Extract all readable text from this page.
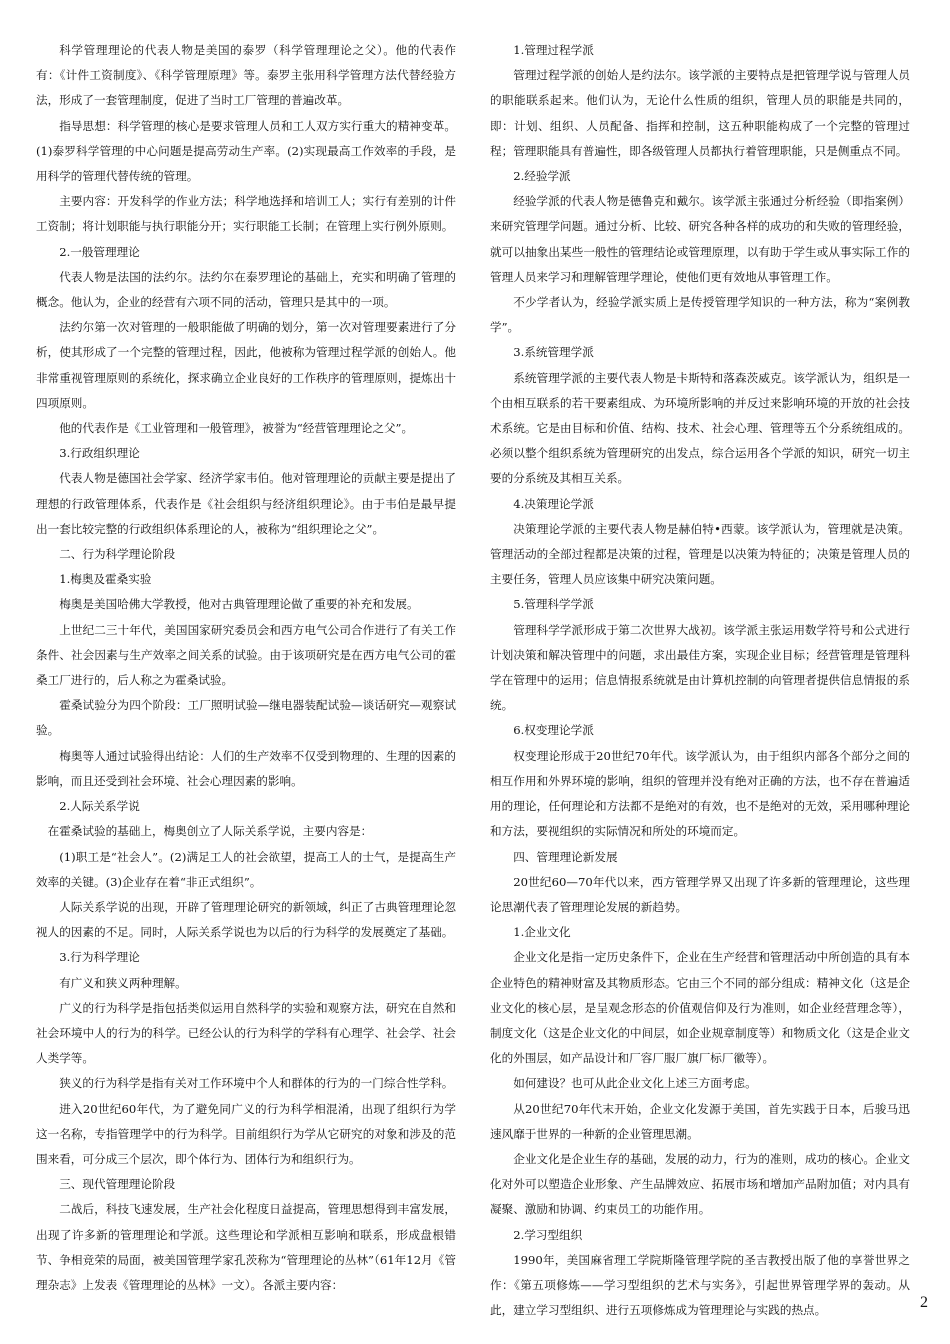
科学管理理论的代表人物是美国的泰罗（科学管理理论之父）。他的代表作有：《计件工资制度》、《科学管理原理》等。泰罗主张用科学管理方法代替经验方法，形成了一套管理制度，促进了当时工厂管理的普遍改革。

指导思想：科学管理的核心是要求管理人员和工人双方实行重大的精神变革。(1)泰罗科学管理的中心问题是提高劳动生产率。(2)实现最高工作效率的手段，是用科学的管理代替传统的管理。

主要内容：开发科学的作业方法；科学地选择和培训工人；实行有差别的计件工资制；将计划职能与执行职能分开；实行职能工长制；在管理上实行例外原则。

2.一般管理理论

代表人物是法国的法约尔。法约尔在泰罗理论的基础上，充实和明确了管理的概念。他认为，企业的经营有六项不同的活动，管理只是其中的一项。

法约尔第一次对管理的一般职能做了明确的划分，第一次对管理要素进行了分析，使其形成了一个完整的管理过程，因此，他被称为管理过程学派的创始人。他非常重视管理原则的系统化，探求确立企业良好的工作秩序的管理原则，提炼出十四项原则。

他的代表作是《工业管理和一般管理》，被誉为“经营管理理论之父”。

3.行政组织理论

代表人物是德国社会学家、经济学家韦伯。他对管理理论的贡献主要是提出了理想的行政管理体系，代表作是《社会组织与经济组织理论》。由于韦伯是最早提出一套比较完整的行政组织体系理论的人，被称为“组织理论之父”。

二、行为科学理论阶段

1.梅奥及霍桑实验

梅奥是美国哈佛大学教授，他对古典管理理论做了重要的补充和发展。

上世纪二三十年代，美国国家研究委员会和西方电气公司合作进行了有关工作条件、社会因素与生产效率之间关系的试验。由于该项研究是在西方电气公司的霍桑工厂进行的，后人称之为霍桑试验。

霍桑试验分为四个阶段：工厂照明试验—继电器装配试验—谈话研究—观察试验。

梅奥等人通过试验得出结论：人们的生产效率不仅受到物理的、生理的因素的影响，而且还受到社会环境、社会心理因素的影响。

2.人际关系学说

在霍桑试验的基础上，梅奥创立了人际关系学说，主要内容是：

(1)职工是“社会人”。(2)满足工人的社会欲望，提高工人的士气，是提高生产效率的关键。(3)企业存在着“非正式组织”。

人际关系学说的出现，开辟了管理理论研究的新领域，纠正了古典管理理论忽视人的因素的不足。同时，人际关系学说也为以后的行为科学的发展奠定了基础。

3.行为科学理论

有广义和狭义两种理解。

广义的行为科学是指包括类似运用自然科学的实验和观察方法，研究在自然和社会环境中人的行为的科学。已经公认的行为科学的学科有心理学、社会学、社会人类学等。

狭义的行为科学是指有关对工作环境中个人和群体的行为的一门综合性学科。

进入20世纪60年代，为了避免同广义的行为科学相混淆，出现了组织行为学这一名称，专指管理学中的行为科学。目前组织行为学从它研究的对象和涉及的范围来看，可分成三个层次，即个体行为、团体行为和组织行为。

三、现代管理理论阶段

二战后，科技飞速发展，生产社会化程度日益提高，管理思想得到丰富发展，出现了许多新的管理理论和学派。这些理论和学派相互影响和联系，形成盘根错节、争相竞荣的局面，被美国管理学家孔茨称为“管理理论的丛林”（61年12月《管理杂志》上发表《管理理论的丛林》一文）。各派主要内容：

1.管理过程学派

管理过程学派的创始人是约法尔。该学派的主要特点是把管理学说与管理人员的职能联系起来。他们认为，无论什么性质的组织，管理人员的职能是共同的，即：计划、组织、人员配备、指挥和控制，这五种职能构成了一个完整的管理过程；管理职能具有普遍性，即各级管理人员都执行着管理职能，只是侧重点不同。

2.经验学派

经验学派的代表人物是德鲁克和戴尔。该学派主张通过分析经验（即指案例）来研究管理学问题。通过分析、比较、研究各种各样的成功的和失败的管理经验，就可以抽象出某些一般性的管理结论或管理原理，以有助于学生或从事实际工作的管理人员来学习和理解管理学理论，使他们更有效地从事管理工作。

不少学者认为，经验学派实质上是传授管理学知识的一种方法，称为“案例教学”。

3.系统管理学派

系统管理学派的主要代表人物是卡斯特和落森茨威克。该学派认为，组织是一个由相互联系的若干要素组成、为环境所影响的并反过来影响环境的开放的社会技术系统。它是由目标和价值、结构、技术、社会心理、管理等五个分系统组成的。必须以整个组织系统为管理研究的出发点，综合运用各个学派的知识，研究一切主要的分系统及其相互关系。

4.决策理论学派

决策理论学派的主要代表人物是赫伯特•西蒙。该学派认为，管理就是决策。管理活动的全部过程都是决策的过程，管理是以决策为特征的；决策是管理人员的主要任务，管理人员应该集中研究决策问题。

5.管理科学学派

管理科学学派形成于第二次世界大战初。该学派主张运用数学符号和公式进行计划决策和解决管理中的问题，求出最佳方案，实现企业目标；经营管理是管理科学在管理中的运用；信息情报系统就是由计算机控制的向管理者提供信息情报的系统。

6.权变理论学派

权变理论形成于20世纪70年代。该学派认为，由于组织内部各个部分之间的相互作用和外界环境的影响，组织的管理并没有绝对正确的方法，也不存在普遍适用的理论，任何理论和方法都不是绝对的有效，也不是绝对的无效，采用哪种理论和方法，要视组织的实际情况和所处的环境而定。

四、管理理论新发展

20世纪60—70年代以来，西方管理学界又出现了许多新的管理理论，这些理论思潮代表了管理理论发展的新趋势。

1.企业文化

企业文化是指一定历史条件下，企业在生产经营和管理活动中所创造的具有本企业特色的精神财富及其物质形态。它由三个不同的部分组成：精神文化（这是企业文化的核心层，是呈观念形态的价值观信仰及行为准则，如企业经营理念等），制度文化（这是企业文化的中间层，如企业规章制度等）和物质文化（这是企业文化的外围层，如产品设计和厂容厂服厂旗厂标厂徽等）。

如何建设？也可从此企业文化上述三方面考虑。

从20世纪70年代末开始，企业文化发源于美国，首先实践于日本，后骏马迅速风靡于世界的一种新的企业管理思潮。

企业文化是企业生存的基础，发展的动力，行为的准则，成功的核心。企业文化对外可以塑造企业形象、产生品牌效应、拓展市场和增加产品附加值；对内具有凝聚、激励和协调、约束员工的功能作用。

2.学习型组织

1990年，美国麻省理工学院斯隆管理学院的圣吉教授出版了他的享誉世界之作：《第五项修炼——学习型组织的艺术与实务》，引起世界管理学界的轰动。从此，建立学习型组织、进行五项修炼成为管理理论与实践的热点。	2
